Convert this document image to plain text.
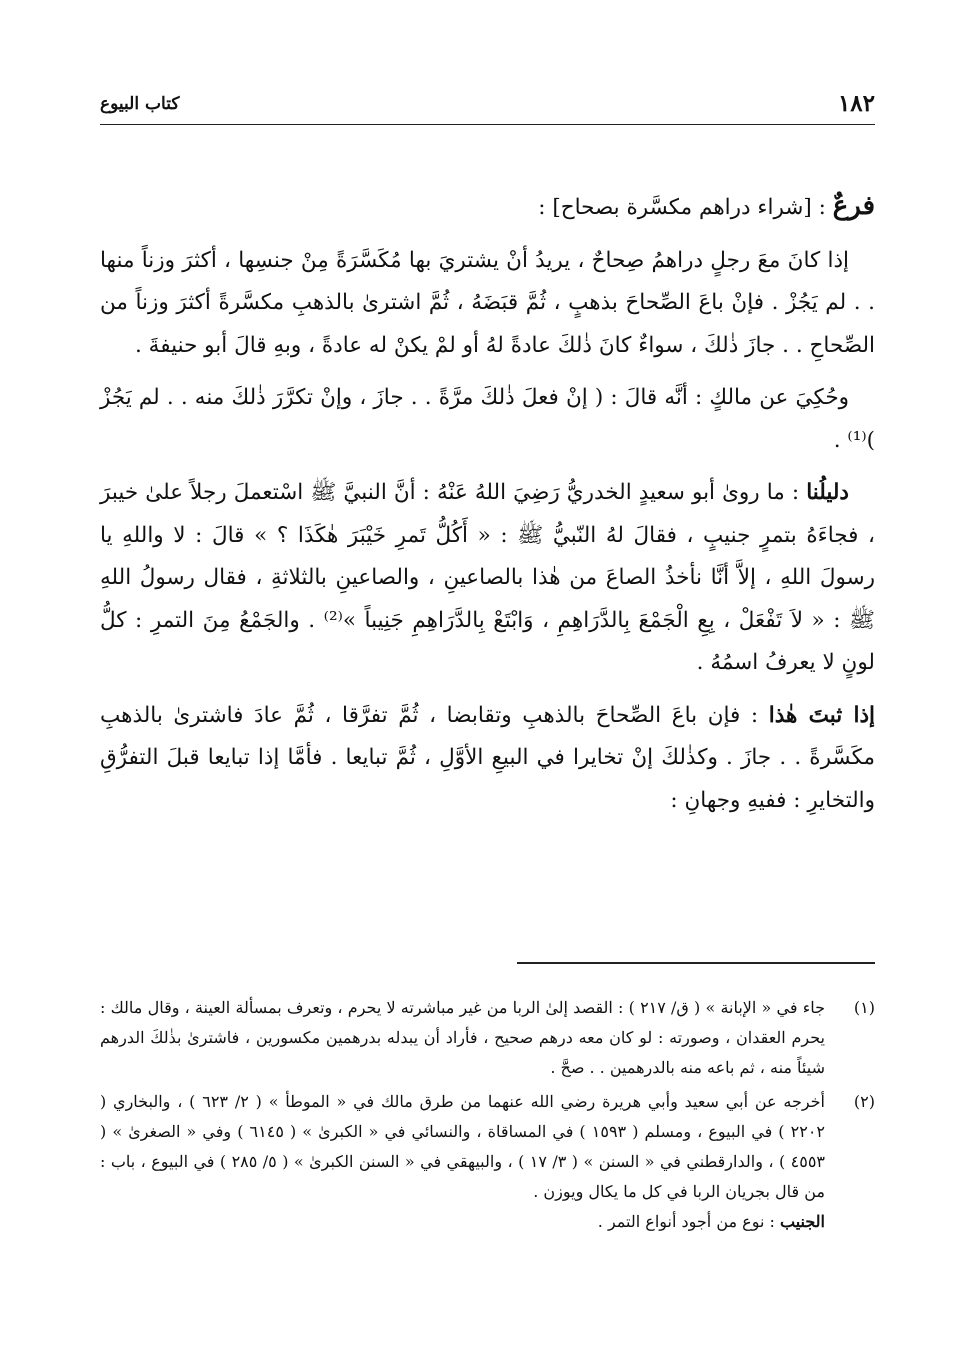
١٨٢
كتاب البيوع

فرعٌ : [شراء دراهم مكسَّرة بصحاح] :

إذا كانَ معَ رجلٍ دراهمُ صِحاحٌ ، يريدُ أنْ يشتريَ بها مُكَسَّرَةً مِنْ جنسِها ، أكثرَ وزناً منها . . لم يَجُزْ . فإنْ باعَ الصِّحاحَ بذهبٍ ، ثُمَّ قبَضَهُ ، ثُمَّ اشترىٰ بالذهبِ مكسَّرةً أكثرَ وزناً من الصِّحاحِ . . جازَ ذٰلكَ ، سواءٌ كانَ ذٰلكَ عادةً لهُ أو لمْ يكنْ له عادةً ، وبهِ قالَ أبو حنيفةَ .

وحُكِيَ عن مالكٍ : أنَّه قالَ : ( إنْ فعلَ ذٰلكَ مرَّةً . . جازَ ، وإنْ تكرَّرَ ذٰلكَ منه . . لم يَجُزْ )⁽¹⁾ .

دليلُنا : ما روىٰ أبو سعيدٍ الخدريُّ رَضِيَ اللهُ عَنْهُ : أنَّ النبيَّ ﷺ اسْتعملَ رجلاً علىٰ خيبرَ ، فجاءَهُ بتمرٍ جنيبٍ ، فقالَ لهُ النّبيُّ ﷺ : « أَكُلُّ تَمرِ خَيْبَرَ هٰكَذَا ؟ » قالَ : لا واللهِ يا رسولَ اللهِ ، إلاَّ أنَّا نأخذُ الصاعَ من هٰذا بالصاعينِ ، والصاعينِ بالثلاثةِ ، فقال رسولُ اللهِ ﷺ : « لاَ تَفْعَلْ ، بِعِ الْجَمْعَ بِالدَّرَاهِمِ ، وَابْتَعْ بِالدَّرَاهِمِ جَنِيباً »⁽²⁾ . والجَمْعُ مِنَ التمرِ : كلُّ لونٍ لا يعرفُ اسمُهُ .

إذا ثبتَ هٰذا : فإن باعَ الصِّحاحَ بالذهبِ وتقابضا ، ثُمَّ تفرَّقا ، ثُمَّ عادَ فاشترىٰ بالذهبِ مكَسَّرةً . . جازَ . وكذٰلكَ إنْ تخايرا في البيعِ الأوَّلِ ، ثُمَّ تبايعا . فأمَّا إذا تبايعا قبلَ التفرُّقِ والتخايرِ : ففيهِ وجهانِ :

(١)
جاء في « الإبانة » ( ق/ ٢١٧ ) : القصد إلىٰ الربا من غير مباشرته لا يحرم ، وتعرف بمسألة العينة ، وقال مالك : يحرم العقدان ، وصورته : لو كان معه درهم صحيح ، فأراد أن يبدله بدرهمين مكسورين ، فاشترىٰ بذٰلكَ الدرهم شيئاً منه ، ثم باعه منه بالدرهمين . . صحَّ .
(٢)
أخرجه عن أبي سعيد وأبي هريرة رضي الله عنهما من طرق مالك في « الموطأ » ( ٢/ ٦٢٣ ) ، والبخاري ( ٢٢٠٢ ) في البيوع ، ومسلم ( ١٥٩٣ ) في المساقاة ، والنسائي في « الكبرىٰ » ( ٦١٤٥ ) وفي « الصغرىٰ » ( ٤٥٥٣ ) ، والدارقطني في « السنن » ( ٣/ ١٧ ) ، والبيهقي في « السنن الكبرىٰ » ( ٥/ ٢٨٥ ) في البيوع ، باب : من قال بجريان الربا في كل ما يكال ويوزن .
الجنيب : نوع من أجود أنواع التمر .
